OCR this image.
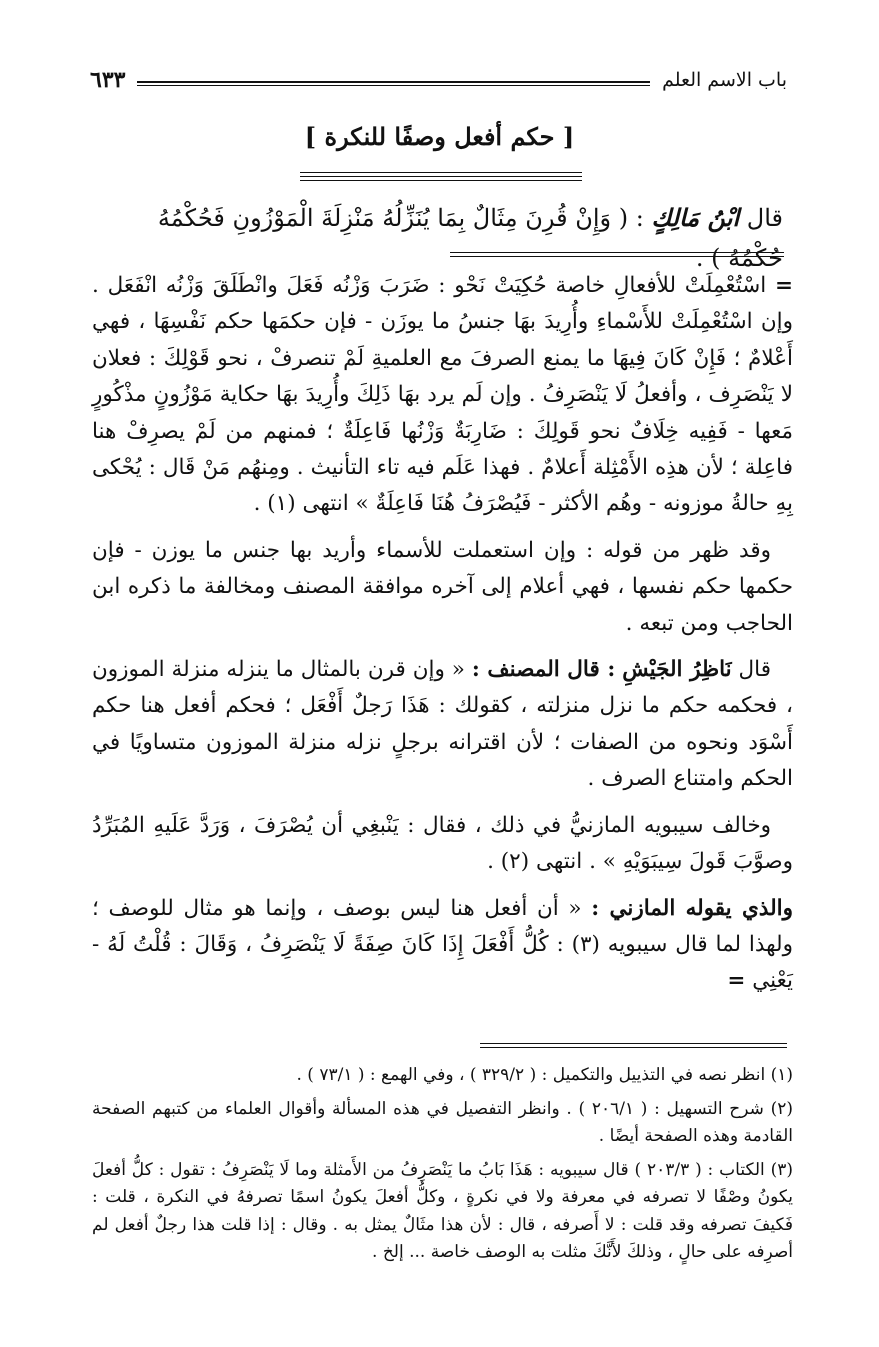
باب الاسم العلم
٦٣٣
[ حكم أفعل وصفًا للنكرة ]
قال ابْنُ مَالِكٍ : ( وَإِنْ قُرِنَ مِثَالٌ بِمَا يُنَزِّلُهُ مَنْزِلَةَ الْمَوْزُونِ فَحُكْمُهُ حُكْمُهُ ) .

= اسْتُعْمِلَتْ للأفعالِ خاصة حُكِيَتْ نَحْو : ضَرَبَ وَزْنُه فَعَلَ وانْطَلَقَ وَزْنُه انْفَعَل . وإن اسْتُعْمِلَتْ للأَسْماءِ وأُرِيدَ بهَا جنسُ ما يوزَن - فإن حكمَها حكم نَفْسِهَا ، فهي أَعْلامٌ ؛ فَإِنْ كَانَ فِيهَا ما يمنع الصرفَ مع العلميةِ لَمْ تنصرفْ ، نحو قَوْلِكَ : فعلان لا يَنْصَرِف ، وأفعلُ لَا يَنْصَرِفُ . وإن لَم يرد بهَا ذَلِكَ وأُرِيدَ بهَا حكاية مَوْزُونٍ مذْكُورٍ مَعها - فَفِيه خِلَافٌ نحو قَولِكَ : ضَارِبَةٌ وَزْنُها فَاعِلَةٌ ؛ فمنهم من لَمْ يصرِفْ هنا فاعِلة ؛ لأن هذِه الأَمْثِلة أَعلامٌ . فهذا عَلَم فيه تاء التأنيث . ومِنهُم مَنْ قَال : يُحْكى بِهِ حالةُ موزونه - وهُم الأكثر - فَيُصْرَفُ هُنَا فَاعِلَةٌ » انتهى (١) .

وقد ظهر من قوله : وإن استعملت للأسماء وأريد بها جنس ما يوزن - فإن حكمها حكم نفسها ، فهي أعلام إلى آخره موافقة المصنف ومخالفة ما ذكره ابن الحاجب ومن تبعه .

قال نَاظِرُ الجَيْشِ : قال المصنف : « وإن قرن بالمثال ما ينزله منزلة الموزون ، فحكمه حكم ما نزل منزلته ، كقولك : هَذَا رَجلٌ أَفْعَل ؛ فحكم أفعل هنا حكم أَسْوَد ونحوه من الصفات ؛ لأن اقترانه برجلٍ نزله منزلة الموزون متساويًا في الحكم وامتناع الصرف .

وخالف سيبويه المازنيُّ في ذلك ، فقال : يَنْبغِي أن يُصْرَفَ ، وَرَدَّ عَلَيهِ المُبَرِّدُ وصوَّبَ قَولَ سِيبَوَيْهِ » . انتهى (٢) .

والذي يقوله المازني : « أن أفعل هنا ليس بوصف ، وإنما هو مثال للوصف ؛ ولهذا لما قال سيبويه (٣) : كُلُّ أَفْعَلَ إِذَا كَانَ صِفَةً لَا يَنْصَرِفُ ، وَقَالَ : قُلْتُ لَهُ - يَعْنِي =

(١) انظر نصه في التذييل والتكميل : ( ٣٢٩/٢ ) ، وفي الهمع : ( ٧٣/١ ) .

(٢) شرح التسهيل : ( ٢٠٦/١ ) . وانظر التفصيل في هذه المسألة وأقوال العلماء من كتبهم الصفحة القادمة وهذه الصفحة أيضًا .

(٣) الكتاب : ( ٢٠٣/٣ ) قال سيبويه : هَذَا بَابُ ما يَنْصَرِفُ من الأَمثلة وما لَا يَنْصَرِفُ : تقول : كلُّ أفعلَ يكونُ وصْفًا لا تصرفه في معرفة ولا في نكرةٍ ، وكلُّ أفعلَ يكونُ اسمًا تصرفهُ في النكرة ، قلت : فَكيفَ تصرفه وقد قلت : لا أَصرفه ، قال : لأن هذا مثَالٌ يمثل به . وقال : إذا قلت هذا رجلٌ أفعل لم أصرِفه على حالٍ ، وذلكَ لأَنَّكَ مثلت به الوصف خاصة ... إلخ .
